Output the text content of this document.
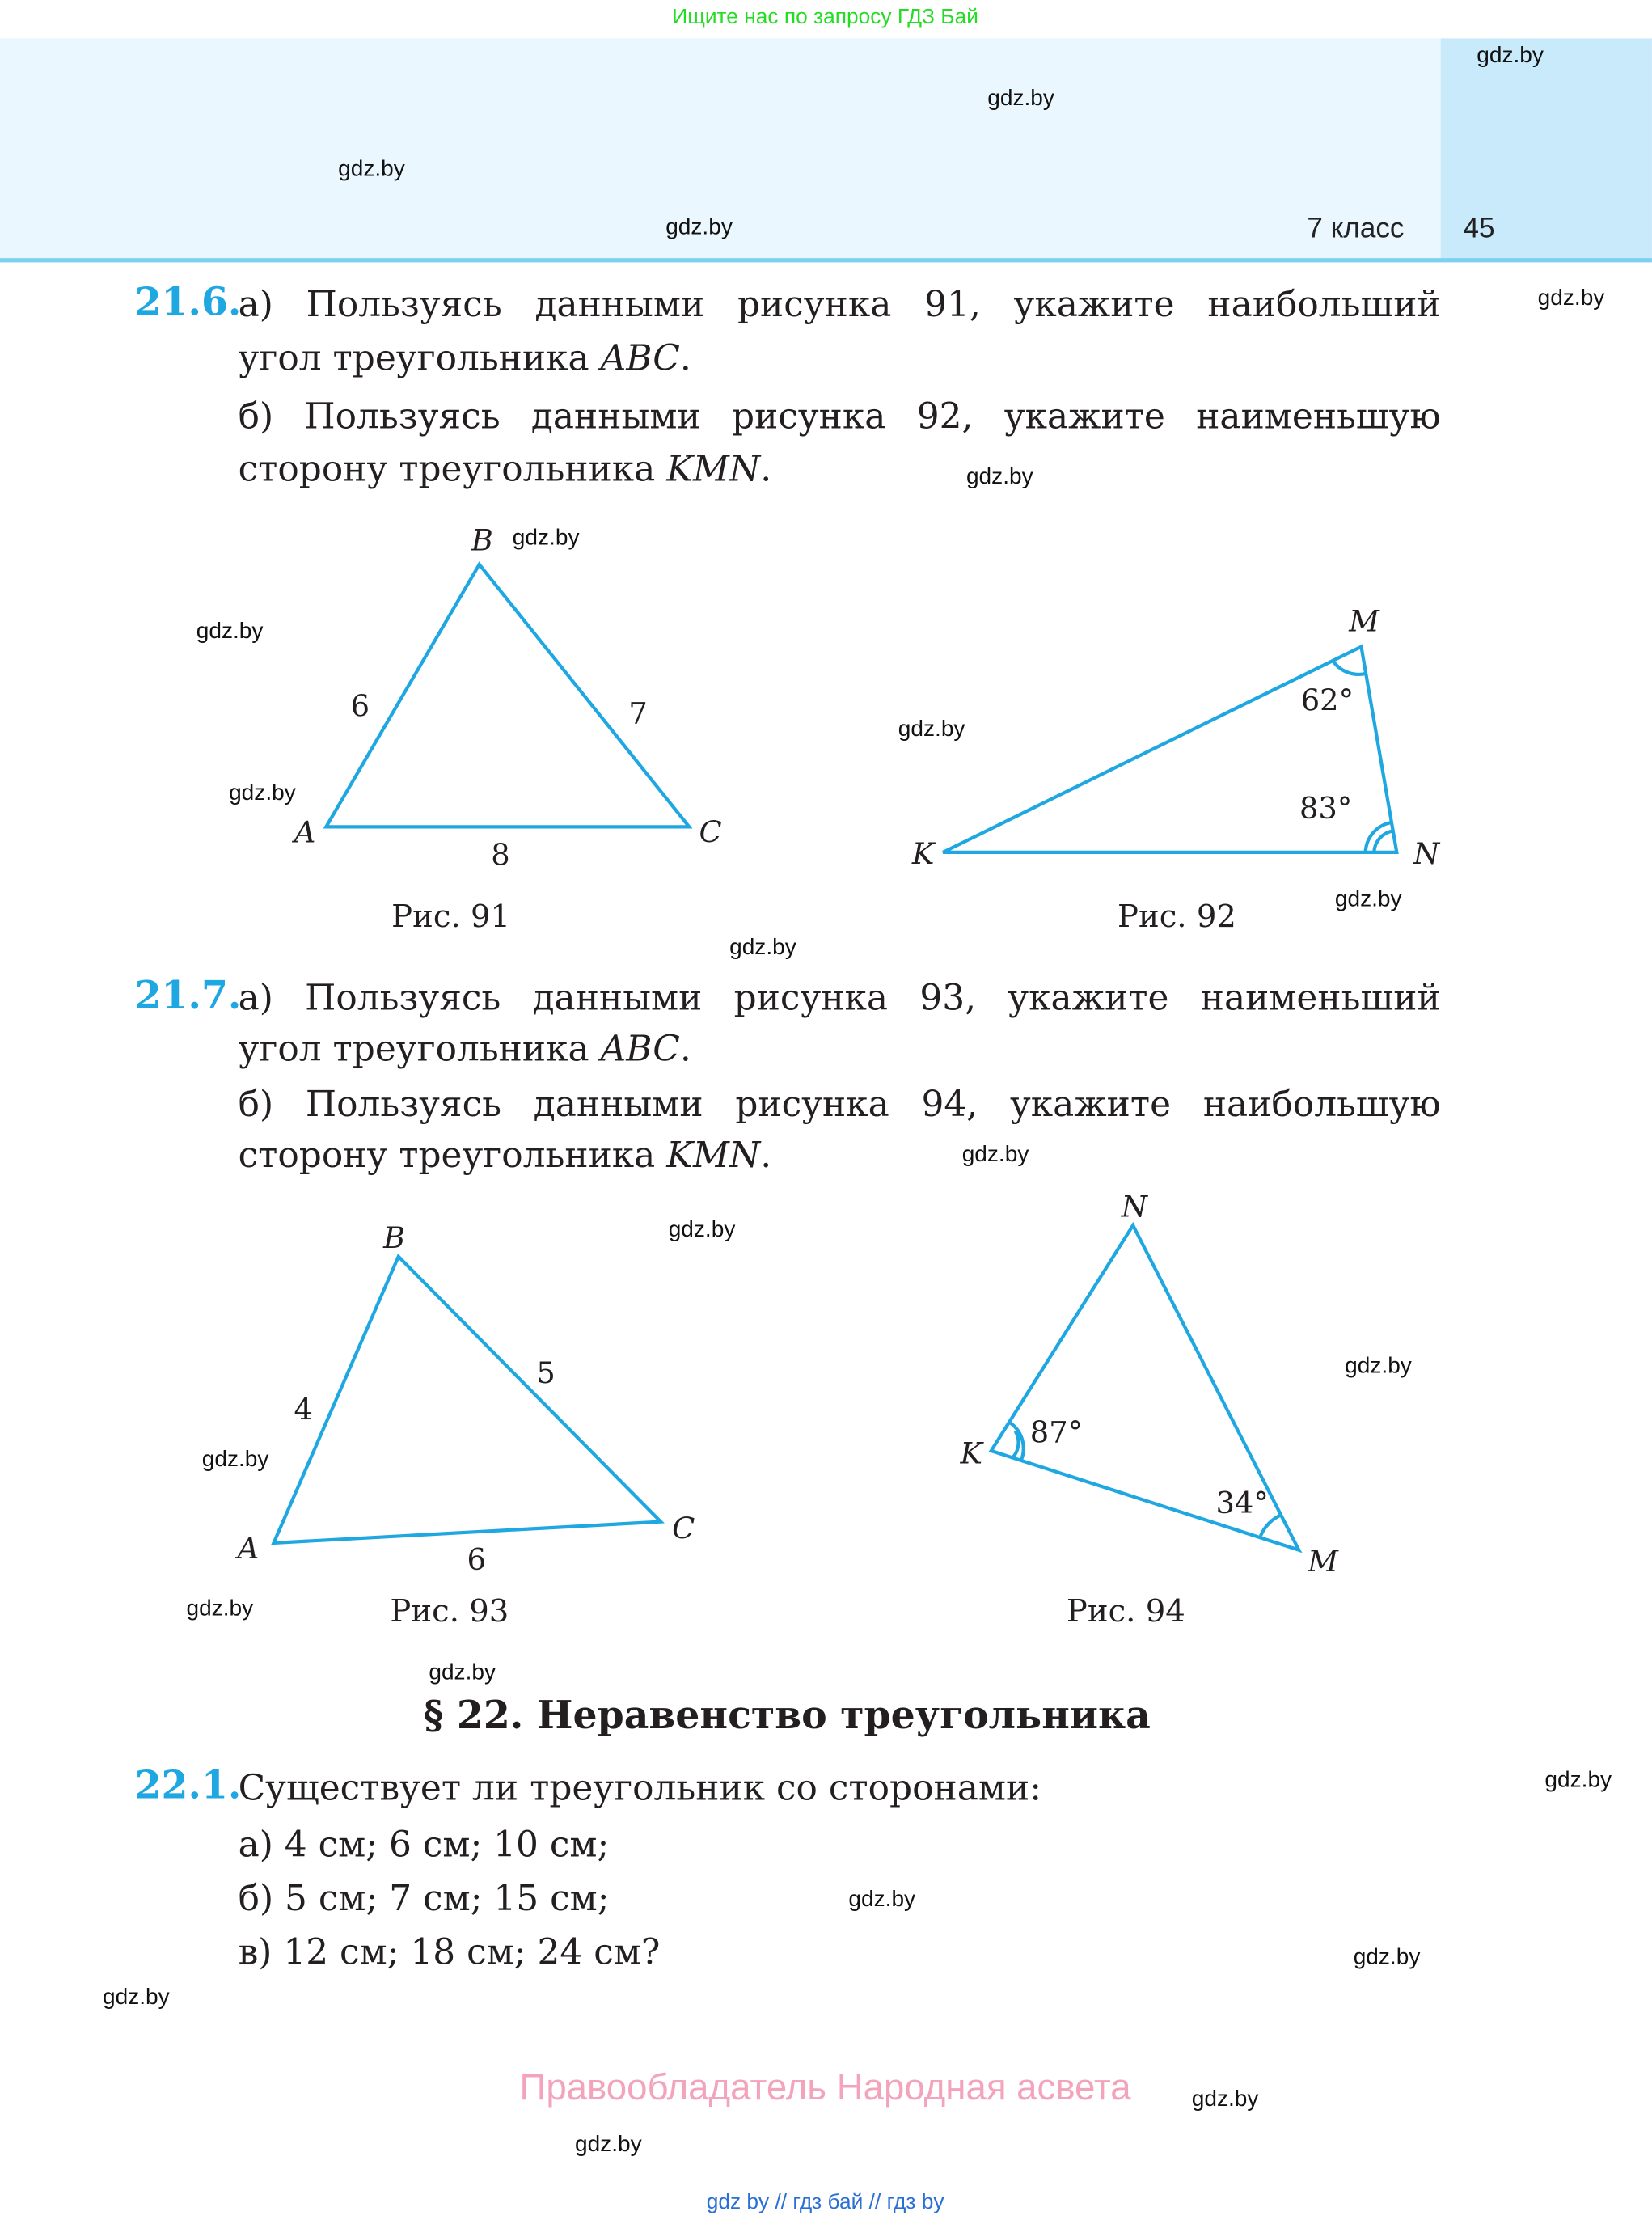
Ищите нас по запросу ГДЗ Бай
7 класс	45
21.6.
а) Пользуясь данными рисунка 91, укажите наибольший
угол треугольника ABC.
б) Пользуясь данными рисунка 92, укажите наименьшую
сторону треугольника KMN.
21.7.
а) Пользуясь данными рисунка 93, укажите наименьший
угол треугольника ABC.
б) Пользуясь данными рисунка 94, укажите наибольшую
сторону треугольника KMN.
B
A	C
6	7
8
Рис. 91
M
K	N
62°
83°
Рис. 92
B
A
C
4
5
6
Рис. 93
N
K
M
87°
34°
Рис. 94
§ 22. Неравенство треугольника
22.1.
Существует ли треугольник со сторонами:
а) 4 см; 6 см; 10 см;
б) 5 см; 7 см; 15 см;
в) 12 см; 18 см; 24 см?
Правообладатель Народная асвета
gdz by // гдз бай // гдз by
gdz.by
gdz.by
gdz.by
gdz.by
gdz.by
gdz.by
gdz.by
gdz.by
gdz.by
gdz.by
gdz.by
gdz.by
gdz.by
gdz.by
gdz.by
gdz.by
gdz.by
gdz.by
gdz.by
gdz.by
gdz.by
gdz.by
gdz.by
gdz.by
